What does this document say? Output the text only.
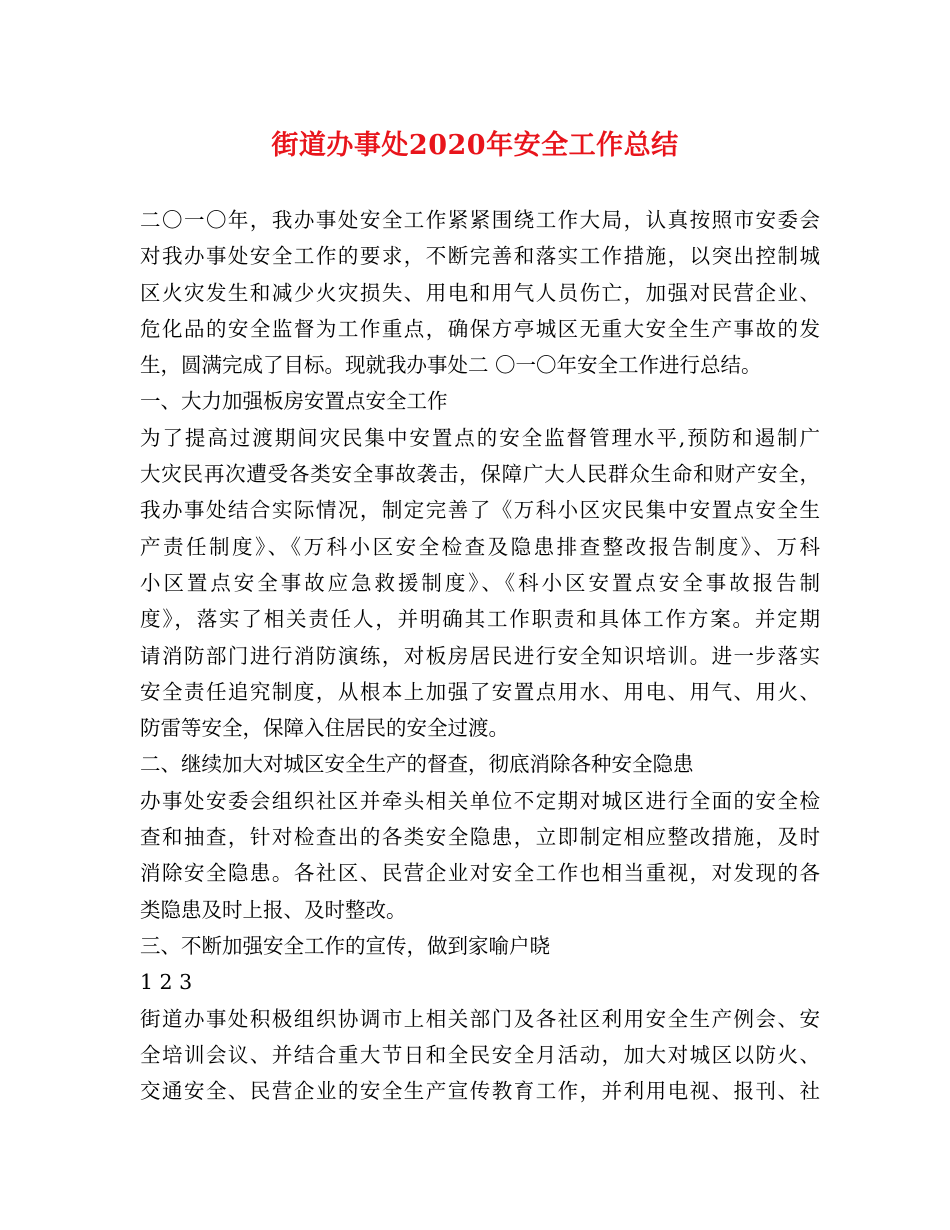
街道办事处2020年安全工作总结
二〇一〇年，我办事处安全工作紧紧围绕工作大局，认真按照市安委会
对我办事处安全工作的要求，不断完善和落实工作措施，以突出控制城
区火灾发生和减少火灾损失、用电和用气人员伤亡，加强对民营企业、
危化品的安全监督为工作重点，确保方亭城区无重大安全生产事故的发
生，圆满完成了目标。现就我办事处二 〇一〇年安全工作进行总结。
一、大力加强板房安置点安全工作
为了提高过渡期间灾民集中安置点的安全监督管理水平,预防和遏制广
大灾民再次遭受各类安全事故袭击，保障广大人民群众生命和财产安全，
我办事处结合实际情况，制定完善了《万科小区灾民集中安置点安全生
产责任制度》、《万科小区安全检查及隐患排查整改报告制度》、万科
小区置点安全事故应急救援制度》、《科小区安置点安全事故报告制
度》，落实了相关责任人，并明确其工作职责和具体工作方案。并定期
请消防部门进行消防演练，对板房居民进行安全知识培训。进一步落实
安全责任追究制度，从根本上加强了安置点用水、用电、用气、用火、
防雷等安全，保障入住居民的安全过渡。
二、继续加大对城区安全生产的督查，彻底消除各种安全隐患
办事处安委会组织社区并牵头相关单位不定期对城区进行全面的安全检
查和抽查，针对检查出的各类安全隐患，立即制定相应整改措施，及时
消除安全隐患。各社区、民营企业对安全工作也相当重视，对发现的各
类隐患及时上报、及时整改。
三、不断加强安全工作的宣传，做到家喻户晓
1 2 3
街道办事处积极组织协调市上相关部门及各社区利用安全生产例会、安
全培训会议、并结合重大节日和全民安全月活动，加大对城区以防火、
交通安全、民营企业的安全生产宣传教育工作，并利用电视、报刊、社
